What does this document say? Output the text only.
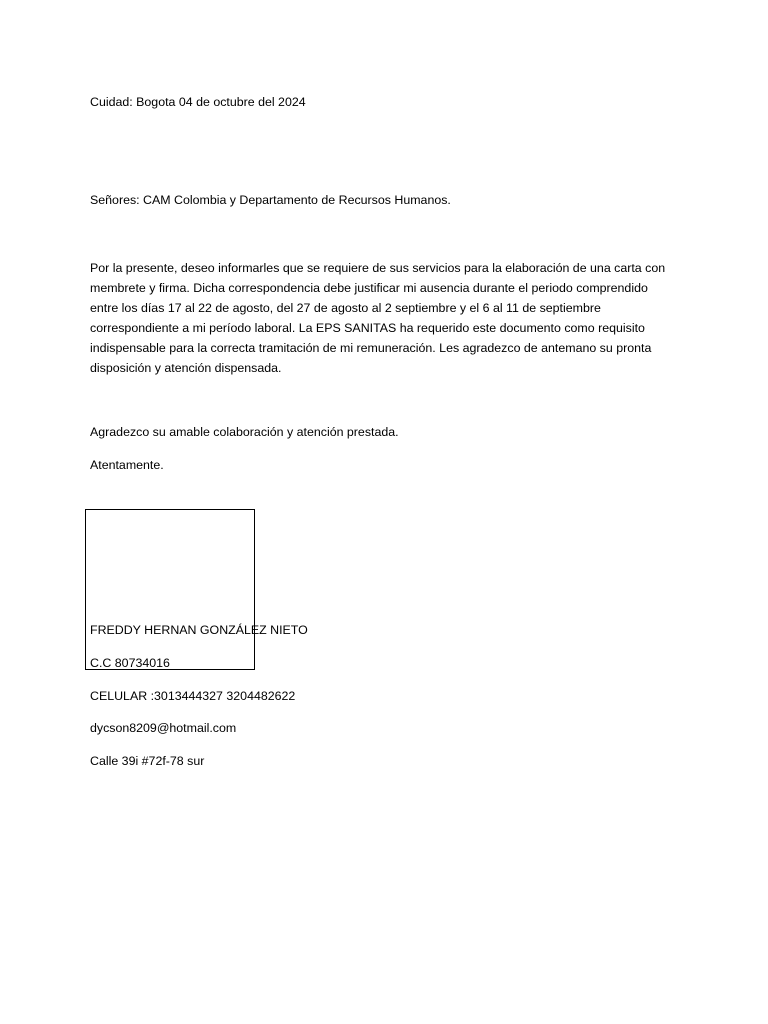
Cuidad: Bogota 04 de octubre del 2024
Señores: CAM Colombia y Departamento de Recursos Humanos.
Por la presente, deseo informarles que se requiere de sus servicios para la elaboración de una carta con
membrete y firma. Dicha correspondencia debe justificar mi ausencia durante el periodo comprendido
entre los días 17 al 22 de agosto, del 27 de agosto al 2 septiembre y el 6 al 11 de septiembre
correspondiente a mi período laboral. La EPS SANITAS ha requerido este documento como requisito
indispensable para la correcta tramitación de mi remuneración. Les agradezco de antemano su pronta
disposición y atención dispensada.
Agradezco su amable colaboración y atención prestada.
Atentamente.
FREDDY HERNAN GONZÁLEZ NIETO
C.C 80734016
CELULAR :3013444327 3204482622
dycson8209@hotmail.com
Calle 39i #72f-78 sur
